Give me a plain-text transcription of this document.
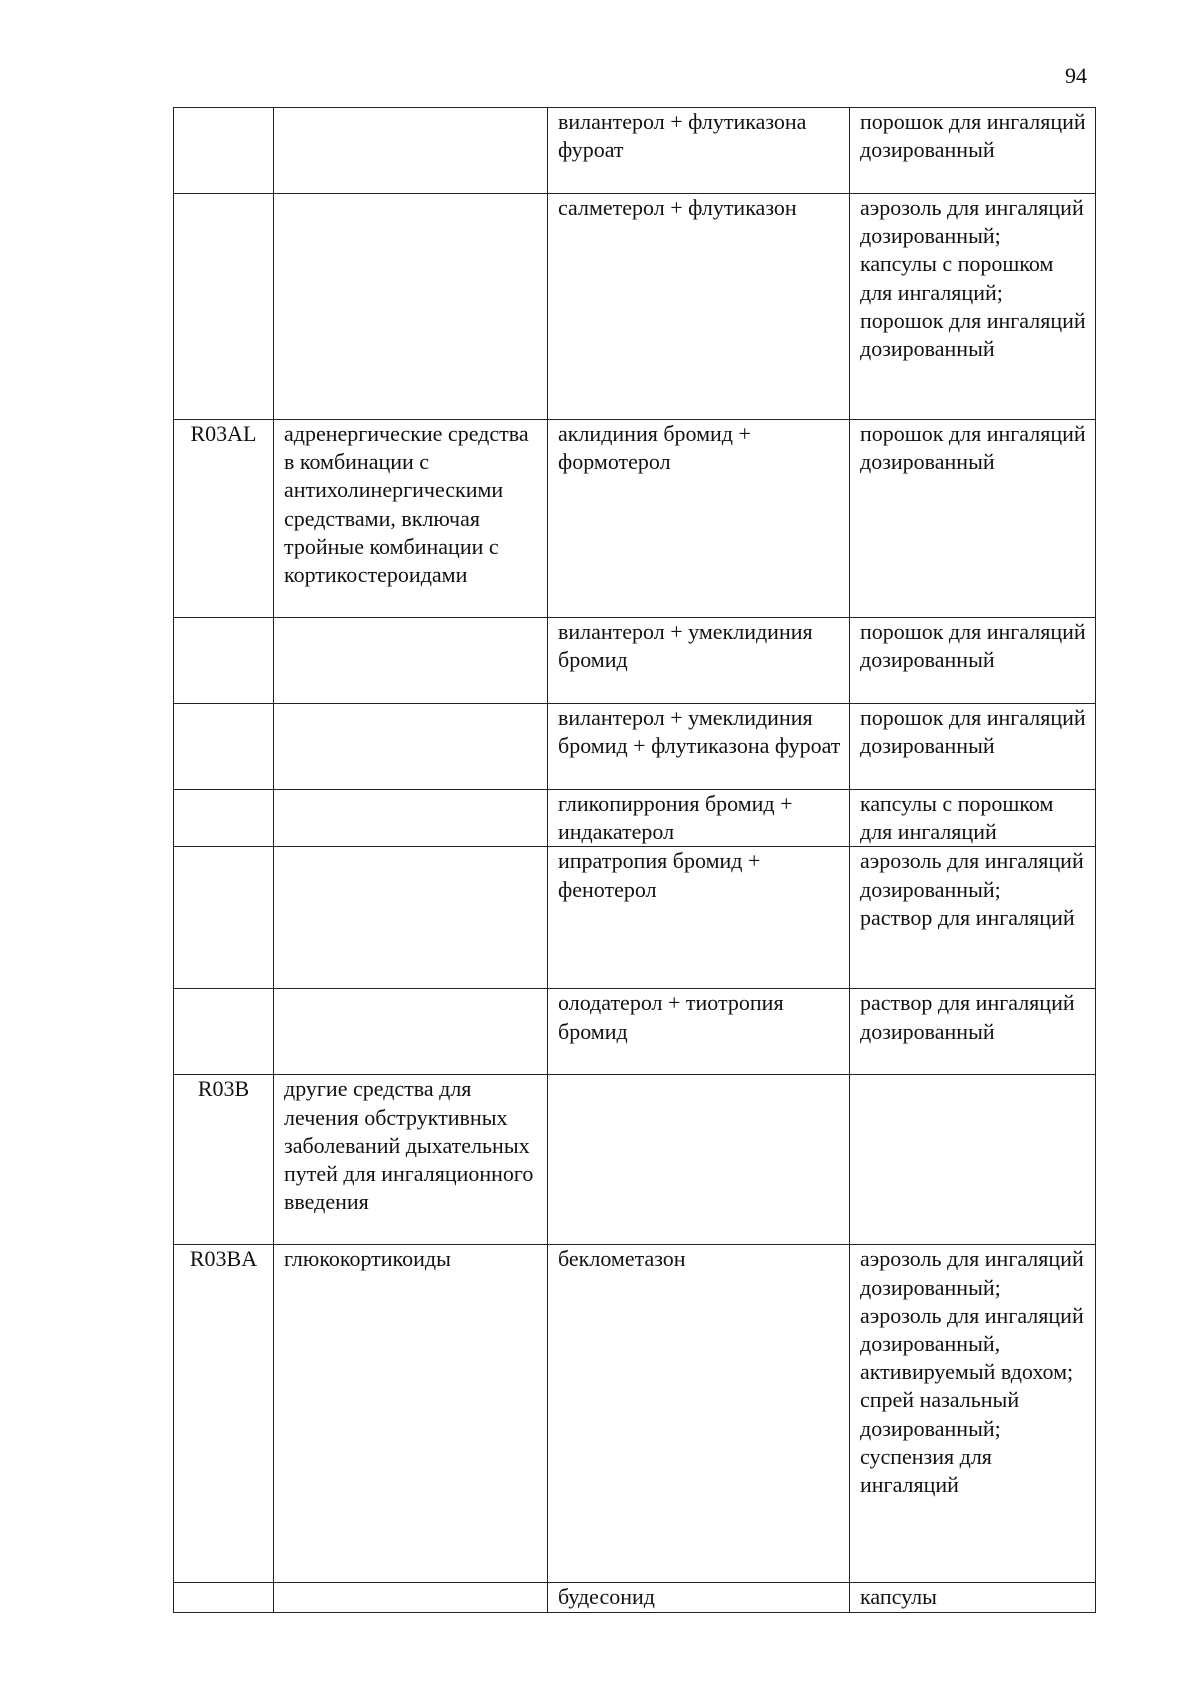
94
		вилантерол + флутиказона фуроат	порошок для ингаляций дозированный
		салметерол + флутиказон	аэрозоль для ингаляций дозированный;
капсулы с порошком для ингаляций;
порошок для ингаляций дозированный
R03AL	адренергические средства в комбинации с антихолинергическими средствами, включая тройные комбинации с кортикостероидами	аклидиния бромид + формотерол	порошок для ингаляций дозированный
		вилантерол + умеклидиния бромид	порошок для ингаляций дозированный
		вилантерол + умеклидиния бромид + флутиказона фуроат	порошок для ингаляций дозированный
		гликопиррония бромид + индакатерол	капсулы с порошком для ингаляций
		ипратропия бромид + фенотерол	аэрозоль для ингаляций дозированный;
раствор для ингаляций
		олодатерол + тиотропия бромид	раствор для ингаляций дозированный
R03B	другие средства для лечения обструктивных заболеваний дыхательных путей для ингаляционного введения		
R03BA	глюкокортикоиды	беклометазон	аэрозоль для ингаляций дозированный;
аэрозоль для ингаляций дозированный, активируемый вдохом;
спрей назальный дозированный;
суспензия для ингаляций
		будесонид	капсулы
